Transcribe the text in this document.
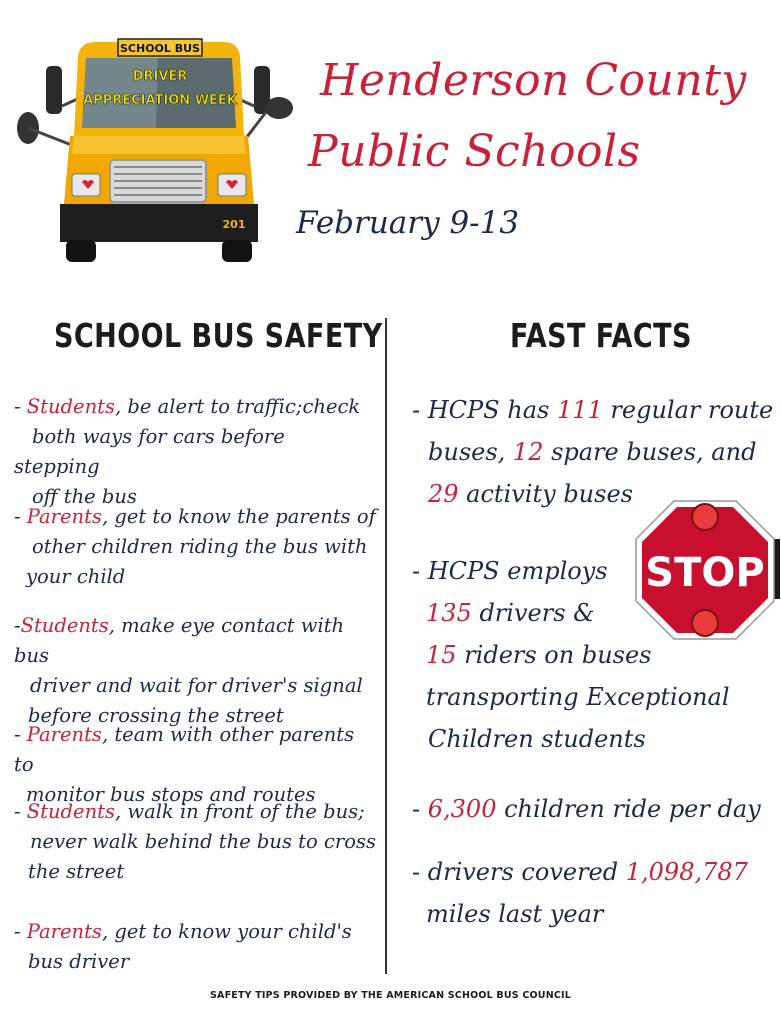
SCHOOL BUS
DRIVER
APPRECIATION WEEK
201
Henderson County
Public Schools
February 9-13
SCHOOL BUS SAFETY	FAST FACTS
- Students, be alert to traffic;check
both ways for cars before stepping
off the bus
- Parents, get to know the parents of
other children riding the bus with
your child
-Students, make eye contact with bus
driver and wait for driver's signal
before crossing the street
- Parents, team with other parents to
monitor bus stops and routes
- Students, walk in front of the bus;
never walk behind the bus to cross
the street
- Parents, get to know your child's
bus driver
- HCPS has 111 regular route
buses, 12 spare buses, and
29 activity buses
- HCPS employs
135 drivers &
15 riders on buses
transporting Exceptional
Children students
- 6,300 children ride per day
- drivers covered 1,098,787
miles last year
STOP
SAFETY TIPS PROVIDED BY THE AMERICAN SCHOOL BUS COUNCIL
